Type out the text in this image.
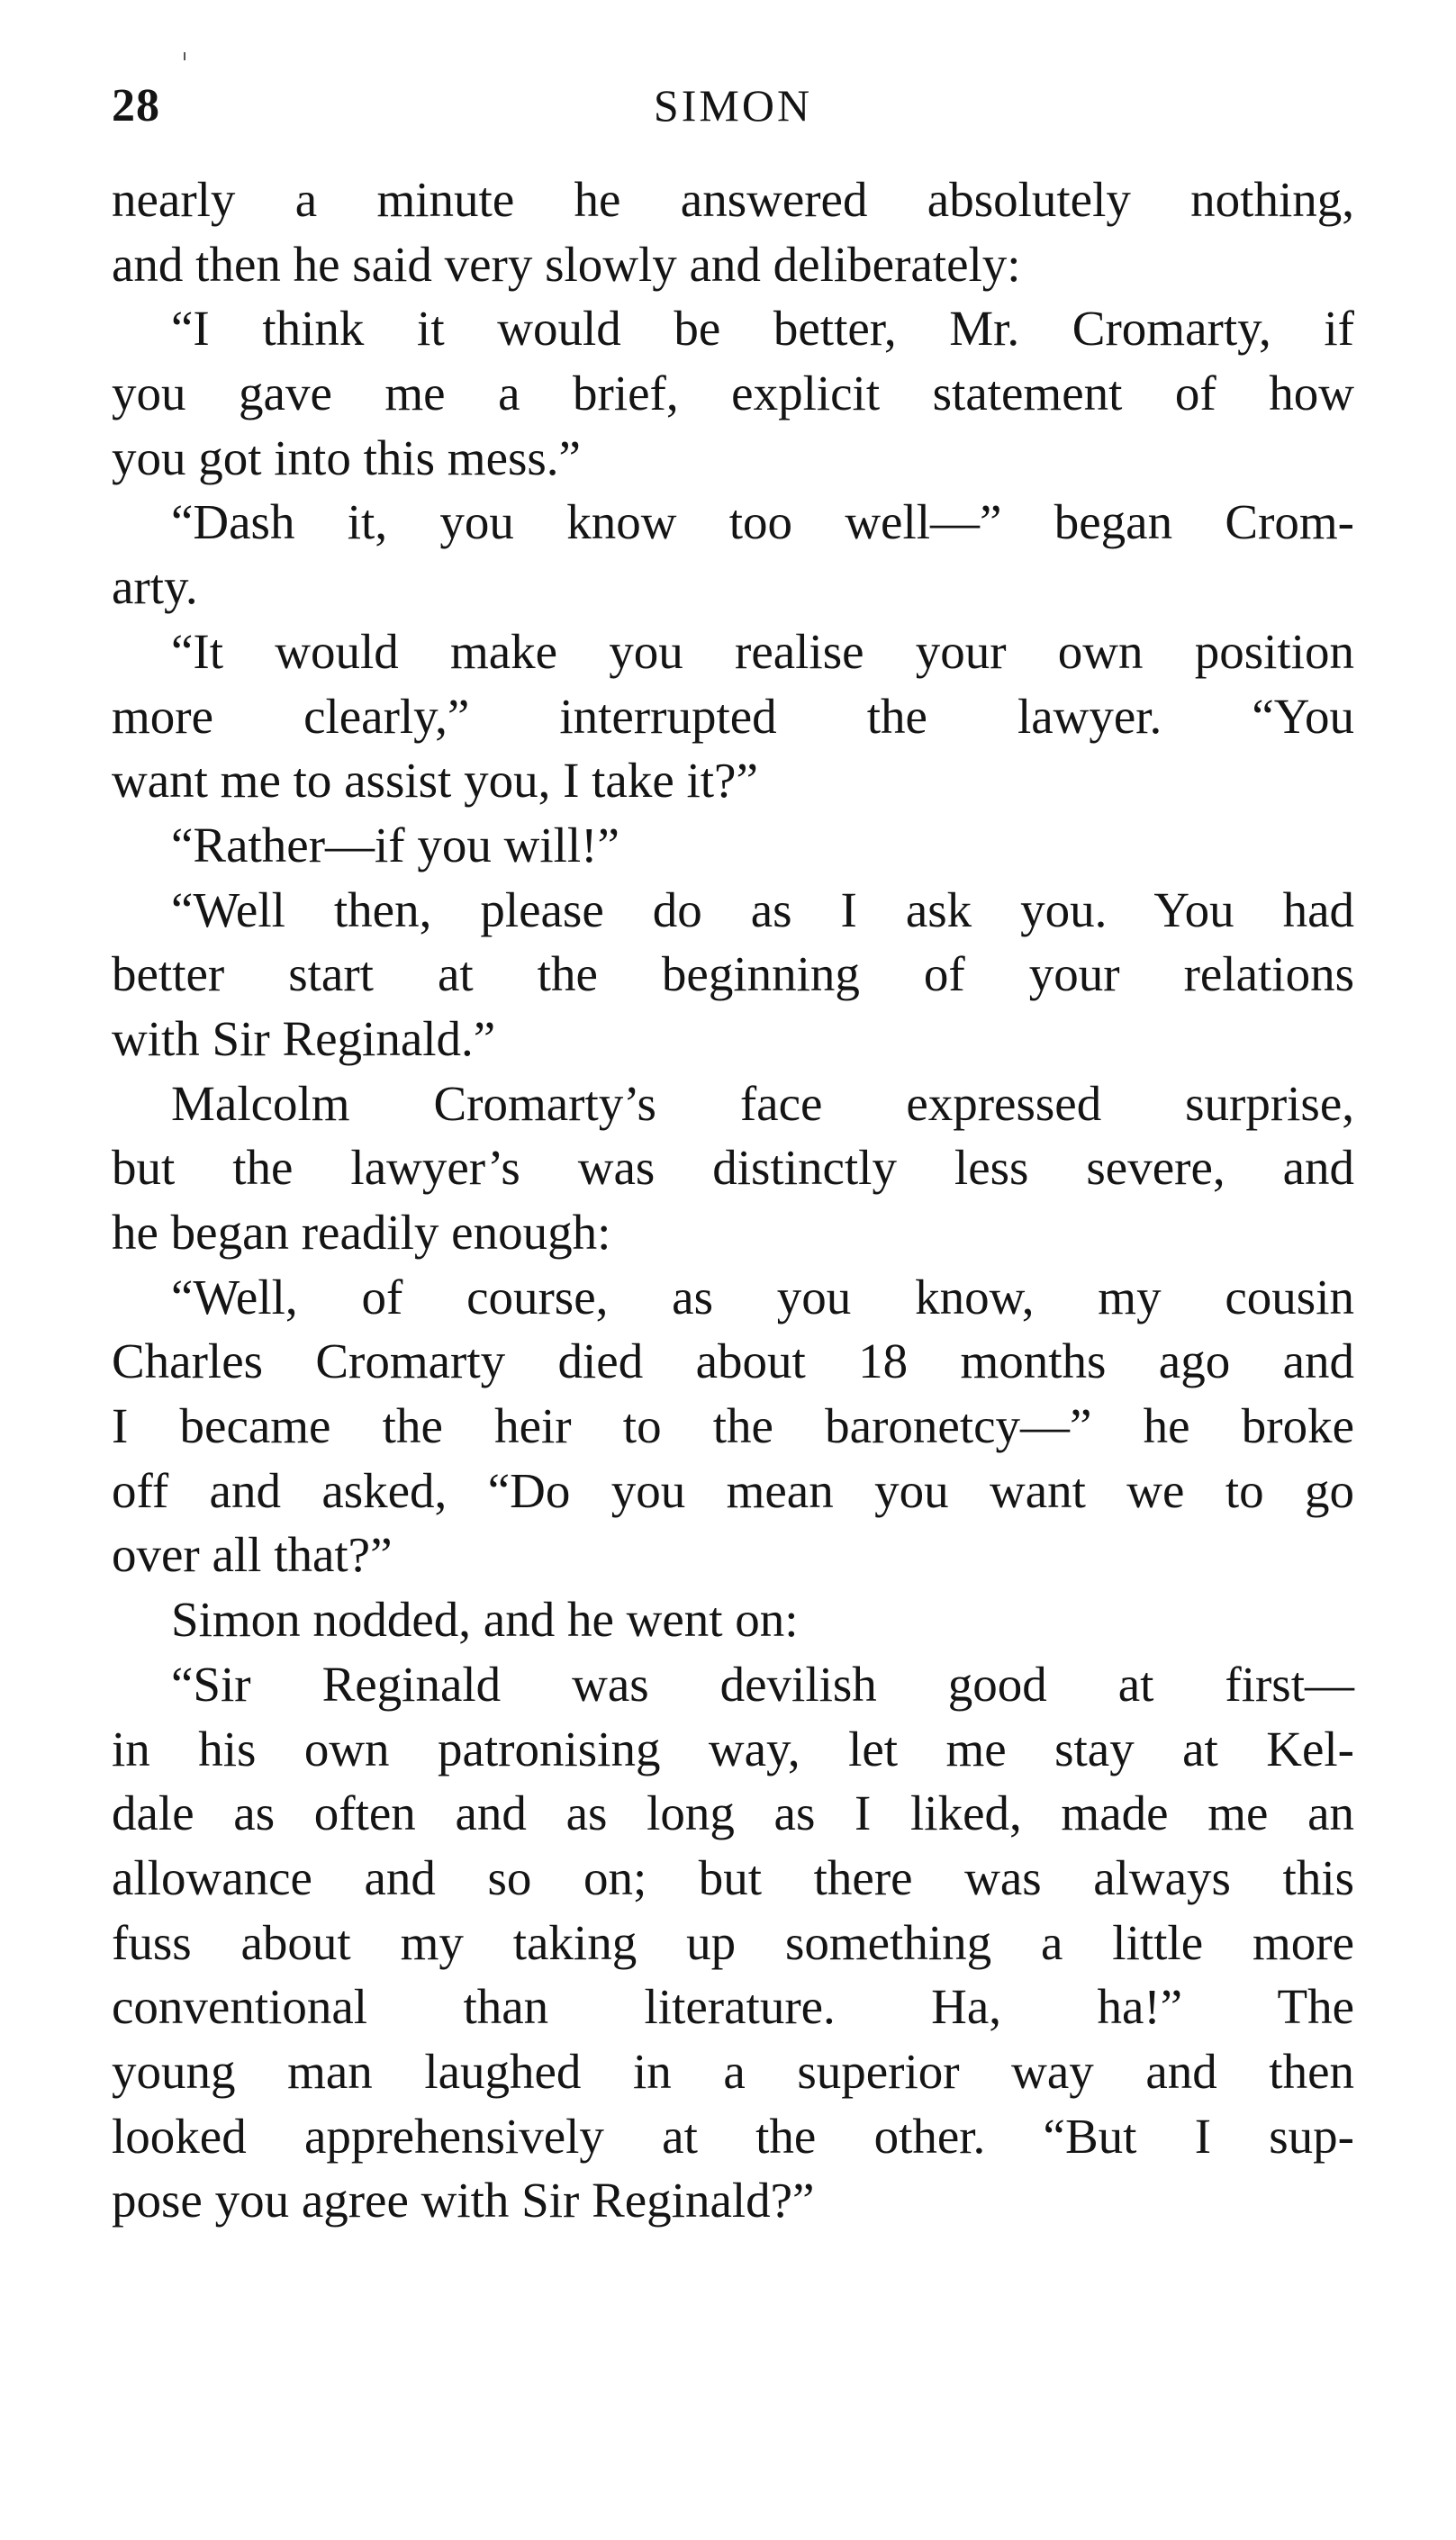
28	SIMON
nearly a minute he answered absolutely nothing,
and then he said very slowly and deliberately:
“I think it would be better, Mr. Cromarty, if
you gave me a brief, explicit statement of how
you got into this mess.”
“Dash it, you know too well—” began Crom-
arty.
“It would make you realise your own position
more clearly,” interrupted the lawyer. “You
want me to assist you, I take it?”
“Rather—if you will!”
“Well then, please do as I ask you. You had
better start at the beginning of your relations
with Sir Reginald.”
Malcolm Cromarty’s face expressed surprise,
but the lawyer’s was distinctly less severe, and
he began readily enough:
“Well, of course, as you know, my cousin
Charles Cromarty died about 18 months ago and
I became the heir to the baronetcy—” he broke
off and asked, “Do you mean you want we to go
over all that?”
Simon nodded, and he went on:
“Sir Reginald was devilish good at first—
in his own patronising way, let me stay at Kel-
dale as often and as long as I liked, made me an
allowance and so on; but there was always this
fuss about my taking up something a little more
conventional than literature. Ha, ha!” The
young man laughed in a superior way and then
looked apprehensively at the other. “But I sup-
pose you agree with Sir Reginald?”
